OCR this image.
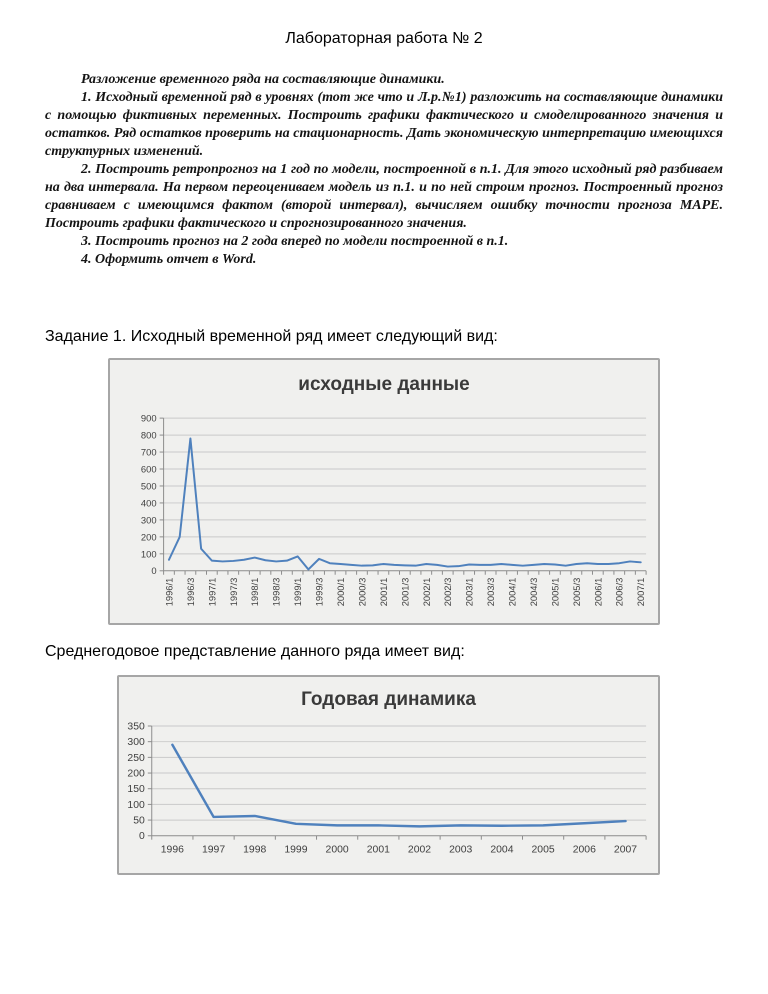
Лабораторная работа № 2

Разложение временного ряда на составляющие динамики.

1. Исходный временной ряд в уровнях (тот же что и Л.р.№1) разложить на составляющие динамики с помощью фиктивных переменных. Построить графики фактического и смоделированного значения и остатков. Ряд остатков проверить на стационарность. Дать экономическую интерпретацию имеющихся структурных изменений.

2. Построить ретропрогноз на 1 год по модели, построенной в п.1. Для этого исходный ряд разбиваем на два интервала. На первом переоцениваем модель из п.1. и по ней строим прогноз. Построенный прогноз сравниваем с имеющимся фактом (второй интервал), вычисляем ошибку точности прогноза MAPE. Построить графики фактического и спрогнозированного значения.

3. Построить прогноз на 2 года вперед по модели построенной в п.1.

4. Оформить отчет в Word.

Задание 1. Исходный временной ряд имеет следующий вид:
0
100
200
300
400
500
600
700
800
900
1996/1 1996/3 1997/1 1997/3 1998/1 1998/3 1999/1 1999/3 2000/1 2000/3 2001/1 2001/3 2002/1 2002/3 2003/1 2003/3 2004/1 2004/3 2005/1 2005/3 2006/1 2006/3 2007/1
исходные данные
Среднегодовое представление данного ряда имеет вид:
0
50
100
150
200
250
300
350
1996 1997 1998 1999 2000 2001 2002 2003 2004 2005 2006 2007
Годовая динамика
